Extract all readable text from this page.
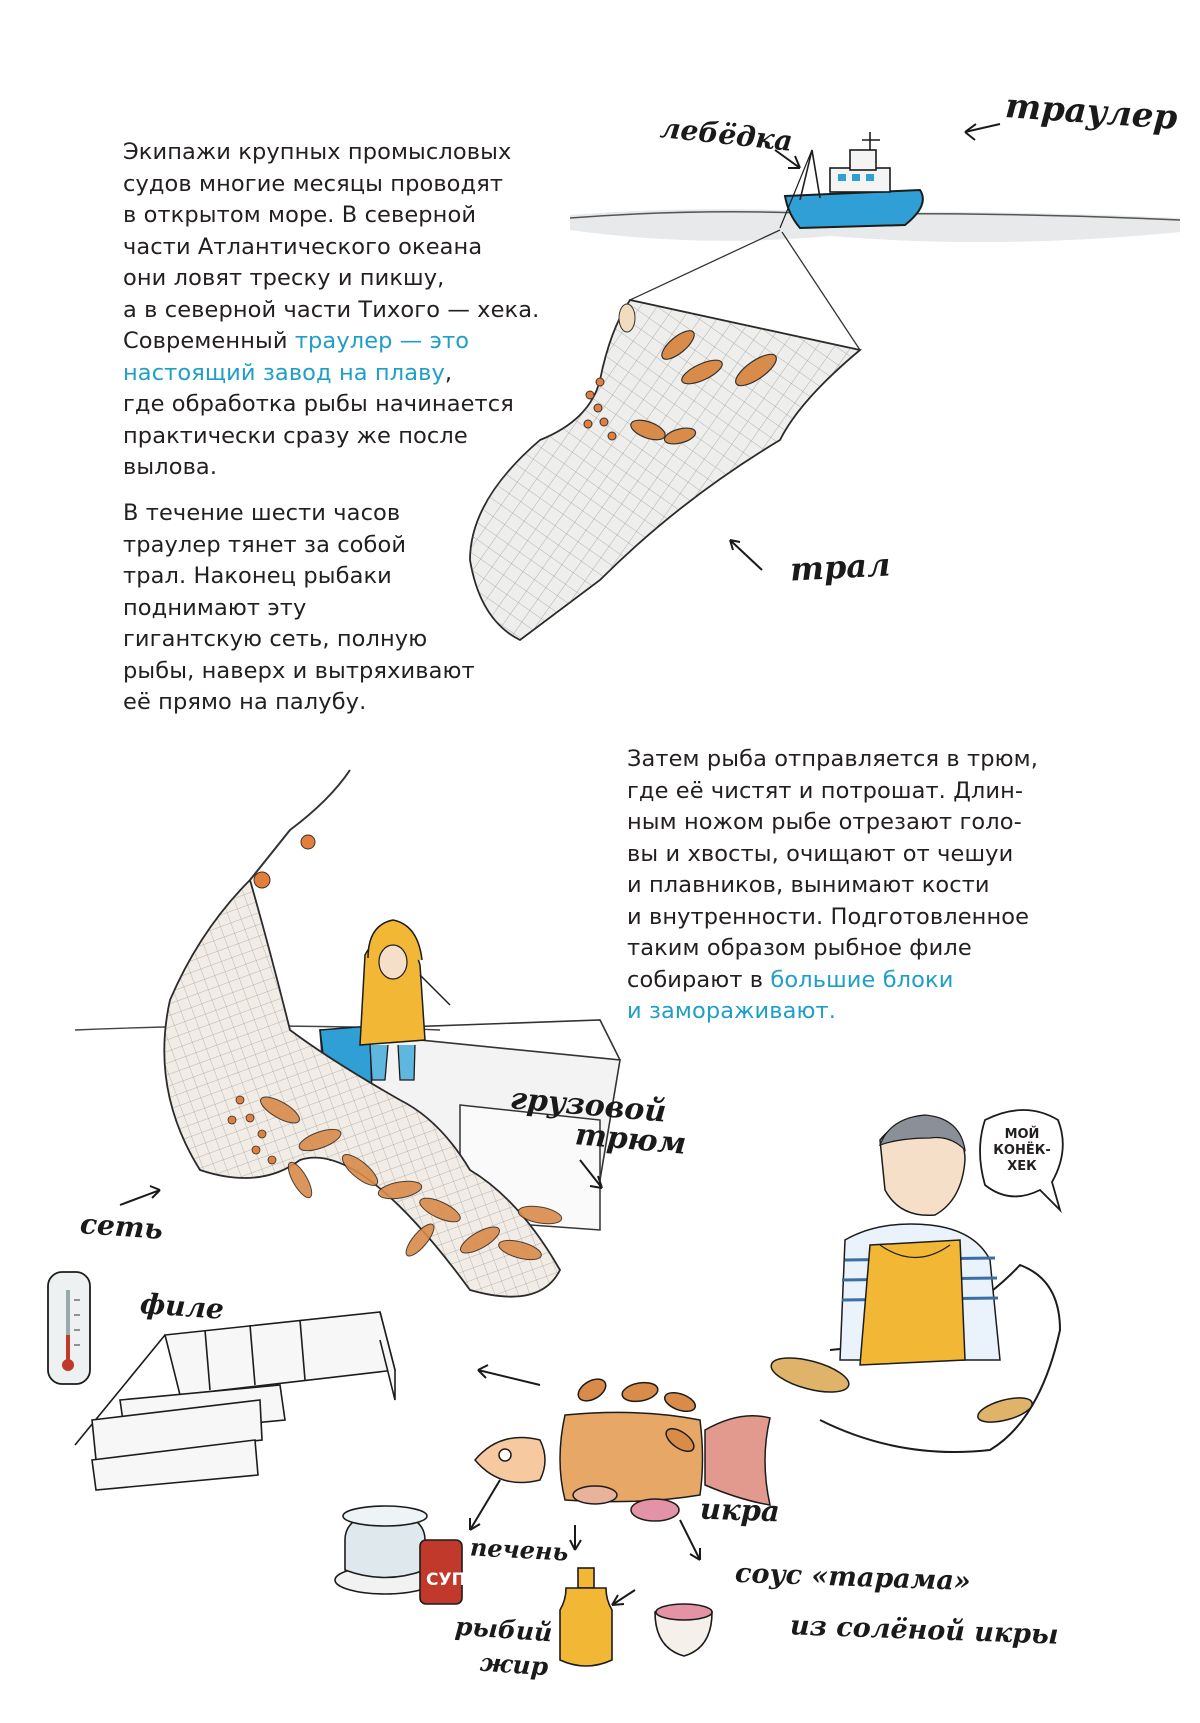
Экипажи крупных промысловых
судов многие месяцы проводят
в открытом море. В северной
части Атлантического океана
они ловят треску и пикшу,
а в северной части Тихого — хека.
Современный траулер — это
настоящий завод на плаву,
где обработка рыбы начинается
практически сразу же после
вылова.
В течение шести часов
траулер тянет за собой
трал. Наконец рыбаки
поднимают эту
гигантскую сеть, полную
рыбы, наверх и вытряхивают
её прямо на палубу.
Затем рыба отправляется в трюм,
где её чистят и потрошат. Длин-
ным ножом рыбе отрезают голо-
вы и хвосты, очищают от чешуи
и плавников, вынимают кости
и внутренности. Подготовленное
таким образом рыбное филе
собирают в большие блоки
и замораживают.
лебёдка	траулер
трал
грузовой
трюм
сеть
филе
икра
печень
СУП
рыбий
жир
соус «тарама»
из солёной икры
МОЙ
КОНЁК-
ХЕК
